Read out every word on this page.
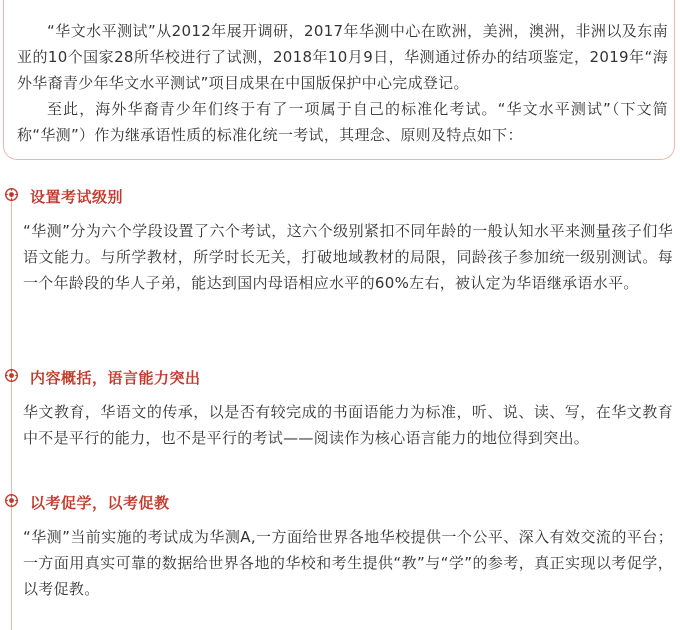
“华文水平测试”从2012年展开调研，2017年华测中心在欧洲，美洲，澳洲，非洲以及东南亚的10个国家28所华校进行了试测，2018年10月9日，华测通过侨办的结项鉴定，2019年“海外华裔青少年华文水平测试”项目成果在中国版保护中心完成登记。

至此，海外华裔青少年们终于有了一项属于自己的标准化考试。“华文水平测试”（下文简称“华测”）作为继承语性质的标准化统一考试，其理念、原则及特点如下：

设置考试级别

“华测”分为六个学段设置了六个考试，这六个级别紧扣不同年龄的一般认知水平来测量孩子们华语文能力。与所学教材，所学时长无关，打破地域教材的局限，同龄孩子参加统一级别测试。每一个年龄段的华人子弟，能达到国内母语相应水平的60%左右，被认定为华语继承语水平。

内容概括，语言能力突出

华文教育，华语文的传承，以是否有较完成的书面语能力为标准，听、说、读、写，在华文教育中不是平行的能力，也不是平行的考试——阅读作为核心语言能力的地位得到突出。

以考促学，以考促教

“华测”当前实施的考试成为华测A,一方面给世界各地华校提供一个公平、深入有效交流的平台；一方面用真实可靠的数据给世界各地的华校和考生提供“教”与“学”的参考，真正实现以考促学，以考促教。
